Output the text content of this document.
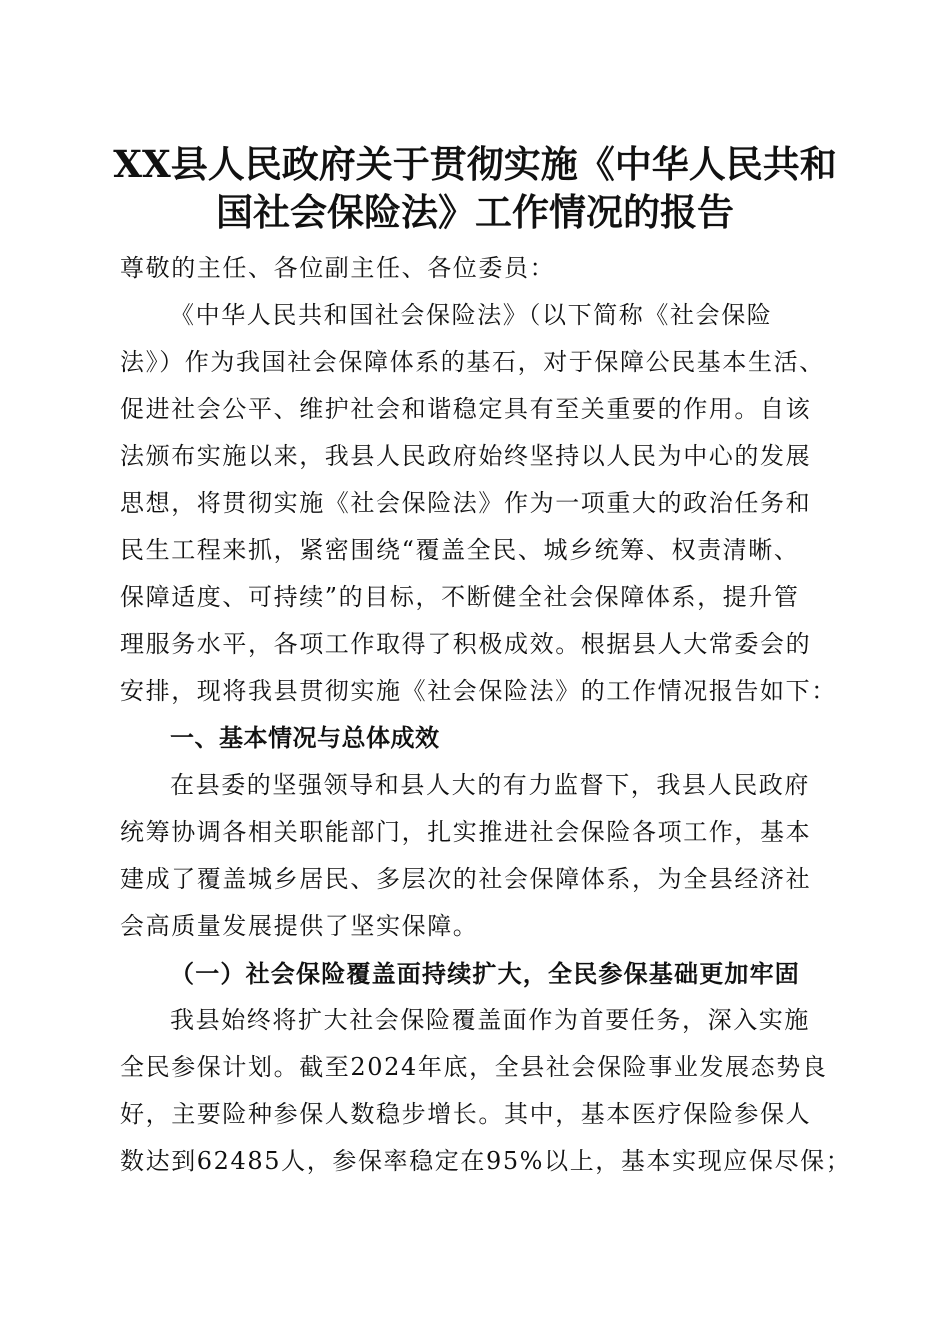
XX县人民政府关于贯彻实施《中华人民共和
国社会保险法》工作情况的报告
尊敬的主任、各位副主任、各位委员：
《中华人民共和国社会保险法》（以下简称《社会保险
法》）作为我国社会保障体系的基石，对于保障公民基本生活、
促进社会公平、维护社会和谐稳定具有至关重要的作用。自该
法颁布实施以来，我县人民政府始终坚持以人民为中心的发展
思想，将贯彻实施《社会保险法》作为一项重大的政治任务和
民生工程来抓，紧密围绕“覆盖全民、城乡统筹、权责清晰、
保障适度、可持续”的目标，不断健全社会保障体系，提升管
理服务水平，各项工作取得了积极成效。根据县人大常委会的
安排，现将我县贯彻实施《社会保险法》的工作情况报告如下：
一、基本情况与总体成效
在县委的坚强领导和县人大的有力监督下，我县人民政府
统筹协调各相关职能部门，扎实推进社会保险各项工作，基本
建成了覆盖城乡居民、多层次的社会保障体系，为全县经济社
会高质量发展提供了坚实保障。
（一）社会保险覆盖面持续扩大，全民参保基础更加牢固
我县始终将扩大社会保险覆盖面作为首要任务，深入实施
全民参保计划。截至2024年底，全县社会保险事业发展态势良
好，主要险种参保人数稳步增长。其中，基本医疗保险参保人
数达到62485人，参保率稳定在95%以上，基本实现应保尽保；
